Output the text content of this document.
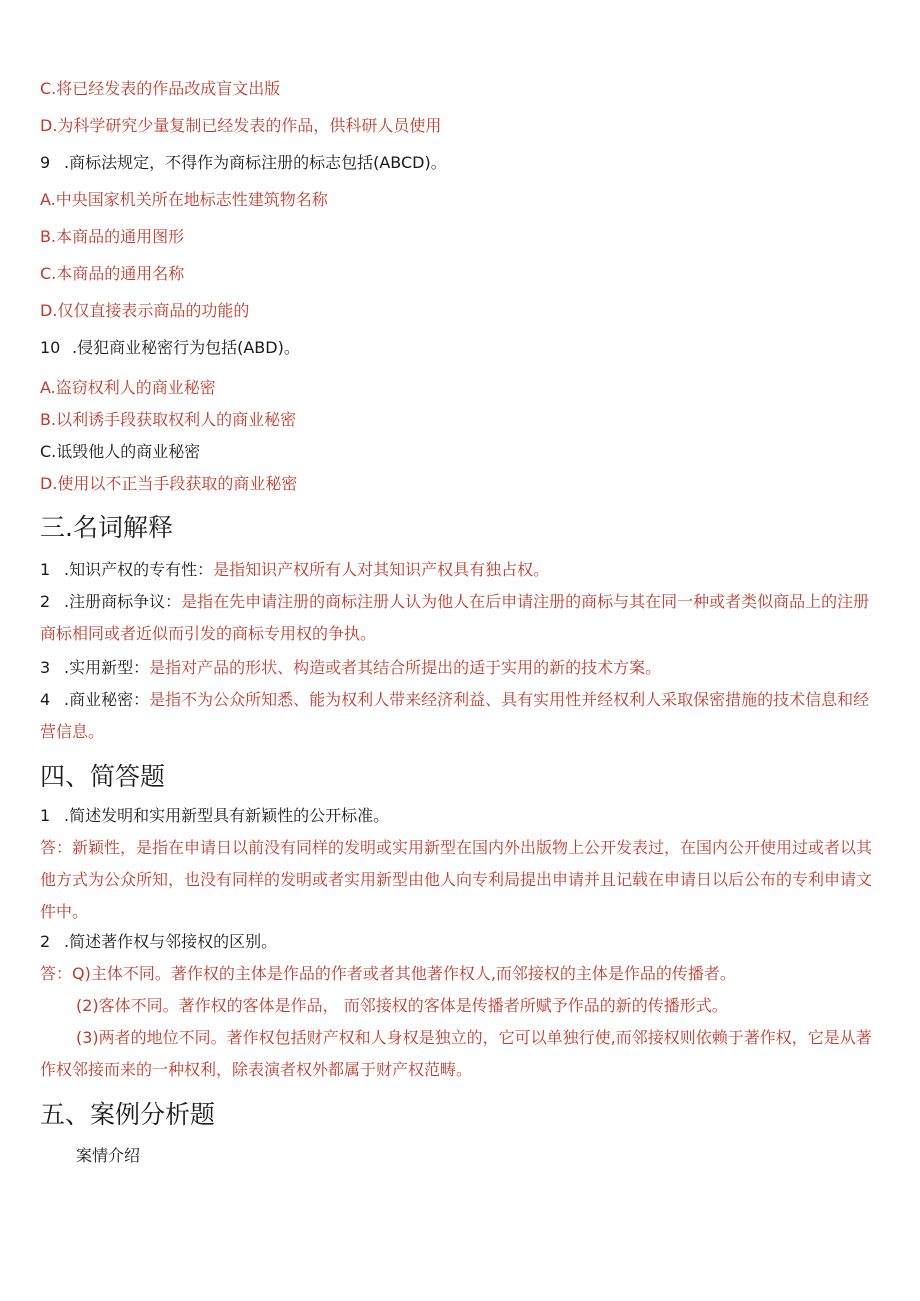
C.将已经发表的作品改成盲文出版
D.为科学研究少量复制已经发表的作品，供科研人员使用
9 .商标法规定，不得作为商标注册的标志包括(ABCD)。
A.中央国家机关所在地标志性建筑物名称
B.本商品的通用图形
C.本商品的通用名称
D.仅仅直接表示商品的功能的
10 .侵犯商业秘密行为包括(ABD)。
A.盗窃权利人的商业秘密
B.以利诱手段获取权利人的商业秘密
C.诋毁他人的商业秘密
D.使用以不正当手段获取的商业秘密
三.名词解释
1 .知识产权的专有性：是指知识产权所有人对其知识产权具有独占权。
2 .注册商标争议：是指在先申请注册的商标注册人认为他人在后申请注册的商标与其在同一种或者类似商品上的注册商标相同或者近似而引发的商标专用权的争执。
3 .实用新型：是指对产品的形状、构造或者其结合所提出的适于实用的新的技术方案。
4 .商业秘密：是指不为公众所知悉、能为权利人带来经济利益、具有实用性并经权利人采取保密措施的技术信息和经营信息。
四、简答题
1 .简述发明和实用新型具有新颖性的公开标准。
答：新颖性，是指在申请日以前没有同样的发明或实用新型在国内外出版物上公开发表过，在国内公开使用过或者以其他方式为公众所知，也没有同样的发明或者实用新型由他人向专利局提出申请并且记载在申请日以后公布的专利申请文件中。
2 .简述著作权与邻接权的区别。
答：Q)主体不同。著作权的主体是作品的作者或者其他著作权人,而邻接权的主体是作品的传播者。
(2)客体不同。著作权的客体是作品， 而邻接权的客体是传播者所赋予作品的新的传播形式。
(3)两者的地位不同。著作权包括财产权和人身权是独立的，它可以单独行使,而邻接权则依赖于著作权，它是从著作权邻接而来的一种权利，除表演者权外都属于财产权范畴。
五、案例分析题
案情介绍
